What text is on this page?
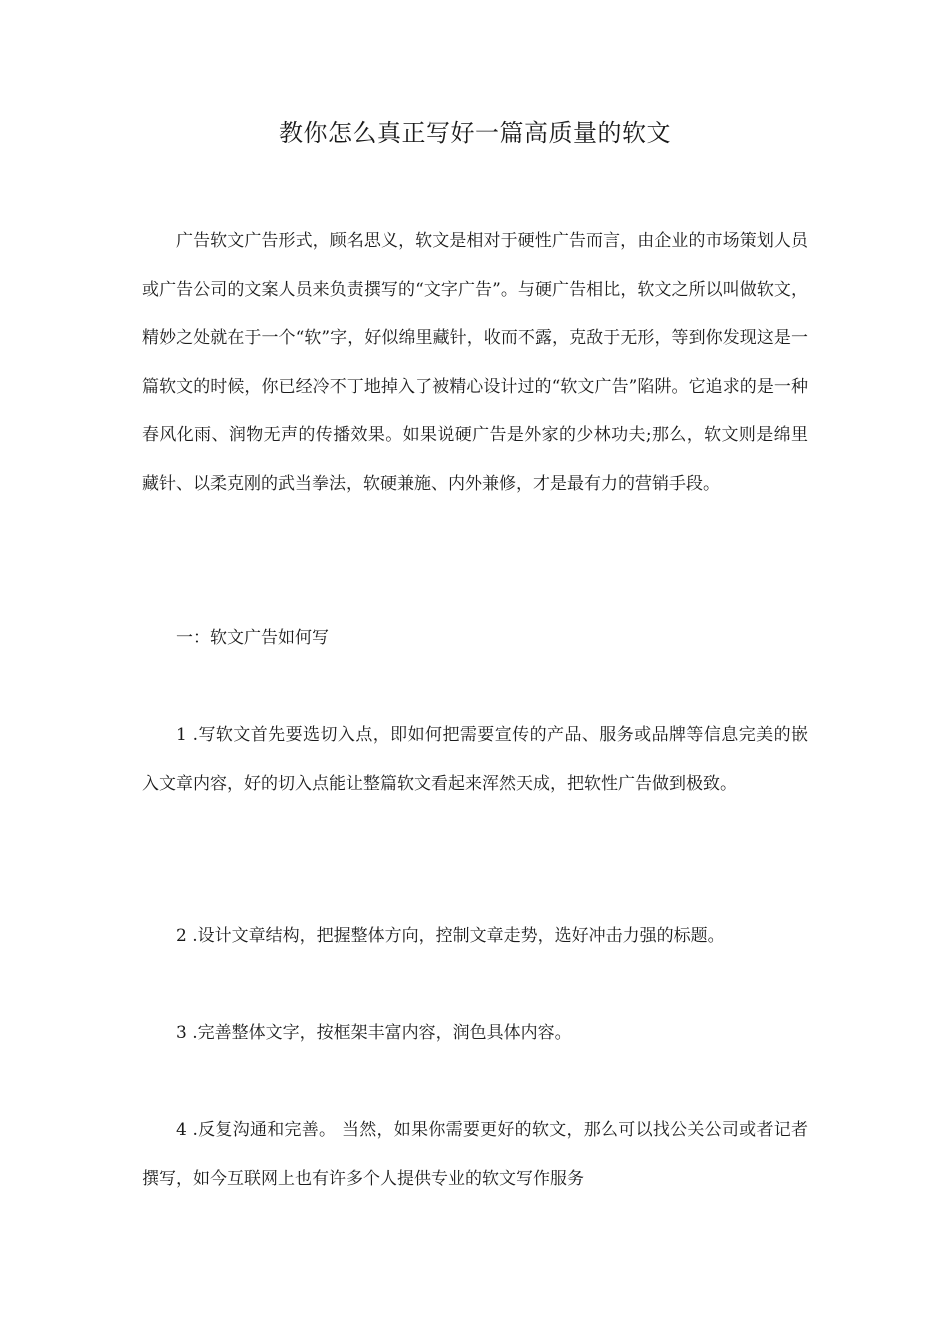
教你怎么真正写好一篇高质量的软文

广告软文广告形式，顾名思义，软文是相对于硬性广告而言，由企业的市场策划人员或广告公司的文案人员来负责撰写的“文字广告”。与硬广告相比，软文之所以叫做软文，精妙之处就在于一个“软”字，好似绵里藏针，收而不露，克敌于无形，等到你发现这是一篇软文的时候，你已经冷不丁地掉入了被精心设计过的“软文广告”陷阱。它追求的是一种春风化雨、润物无声的传播效果。如果说硬广告是外家的少林功夫;那么，软文则是绵里藏针、以柔克刚的武当拳法，软硬兼施、内外兼修，才是最有力的营销手段。

一：软文广告如何写

1 .写软文首先要选切入点，即如何把需要宣传的产品、服务或品牌等信息完美的嵌入文章内容，好的切入点能让整篇软文看起来浑然天成，把软性广告做到极致。

2 .设计文章结构，把握整体方向，控制文章走势，选好冲击力强的标题。

3 .完善整体文字，按框架丰富内容，润色具体内容。

4 .反复沟通和完善。 当然，如果你需要更好的软文，那么可以找公关公司或者记者撰写，如今互联网上也有许多个人提供专业的软文写作服务
